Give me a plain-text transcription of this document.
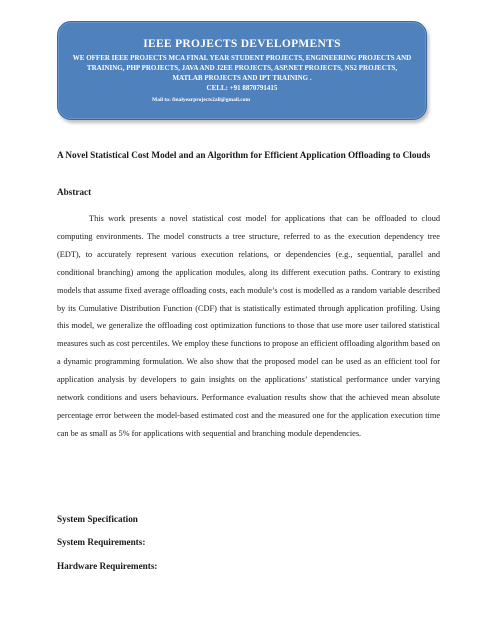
IEEE PROJECTS DEVELOPMENTS
WE OFFER IEEE PROJECTS MCA FINAL YEAR STUDENT PROJECTS, ENGINEERING PROJECTS AND TRAINING, PHP PROJECTS, JAVA AND J2EE PROJECTS, ASP.NET PROJECTS, NS2 PROJECTS, MATLAB PROJECTS AND IPT TRAINING .
CELL: +91 8870791415
Mail to: finalyearprojects2all@gmail.com
A Novel Statistical Cost Model and an Algorithm for Efficient Application Offloading to Clouds
Abstract
This work presents a novel statistical cost model for applications that can be offloaded to cloud computing environments. The model constructs a tree structure, referred to as the execution dependency tree (EDT), to accurately represent various execution relations, or dependencies (e.g., sequential, parallel and conditional branching) among the application modules, along its different execution paths. Contrary to existing models that assume fixed average offloading costs, each module’s cost is modelled as a random variable described by its Cumulative Distribution Function (CDF) that is statistically estimated through application profiling. Using this model, we generalize the offloading cost optimization functions to those that use more user tailored statistical measures such as cost percentiles. We employ these functions to propose an efficient offloading algorithm based on a dynamic programming formulation. We also show that the proposed model can be used as an efficient tool for application analysis by developers to gain insights on the applications’ statistical performance under varying network conditions and users behaviours. Performance evaluation results show that the achieved mean absolute percentage error between the model-based estimated cost and the measured one for the application execution time can be as small as 5% for applications with sequential and branching module dependencies.
System Specification
System Requirements:
Hardware Requirements:
